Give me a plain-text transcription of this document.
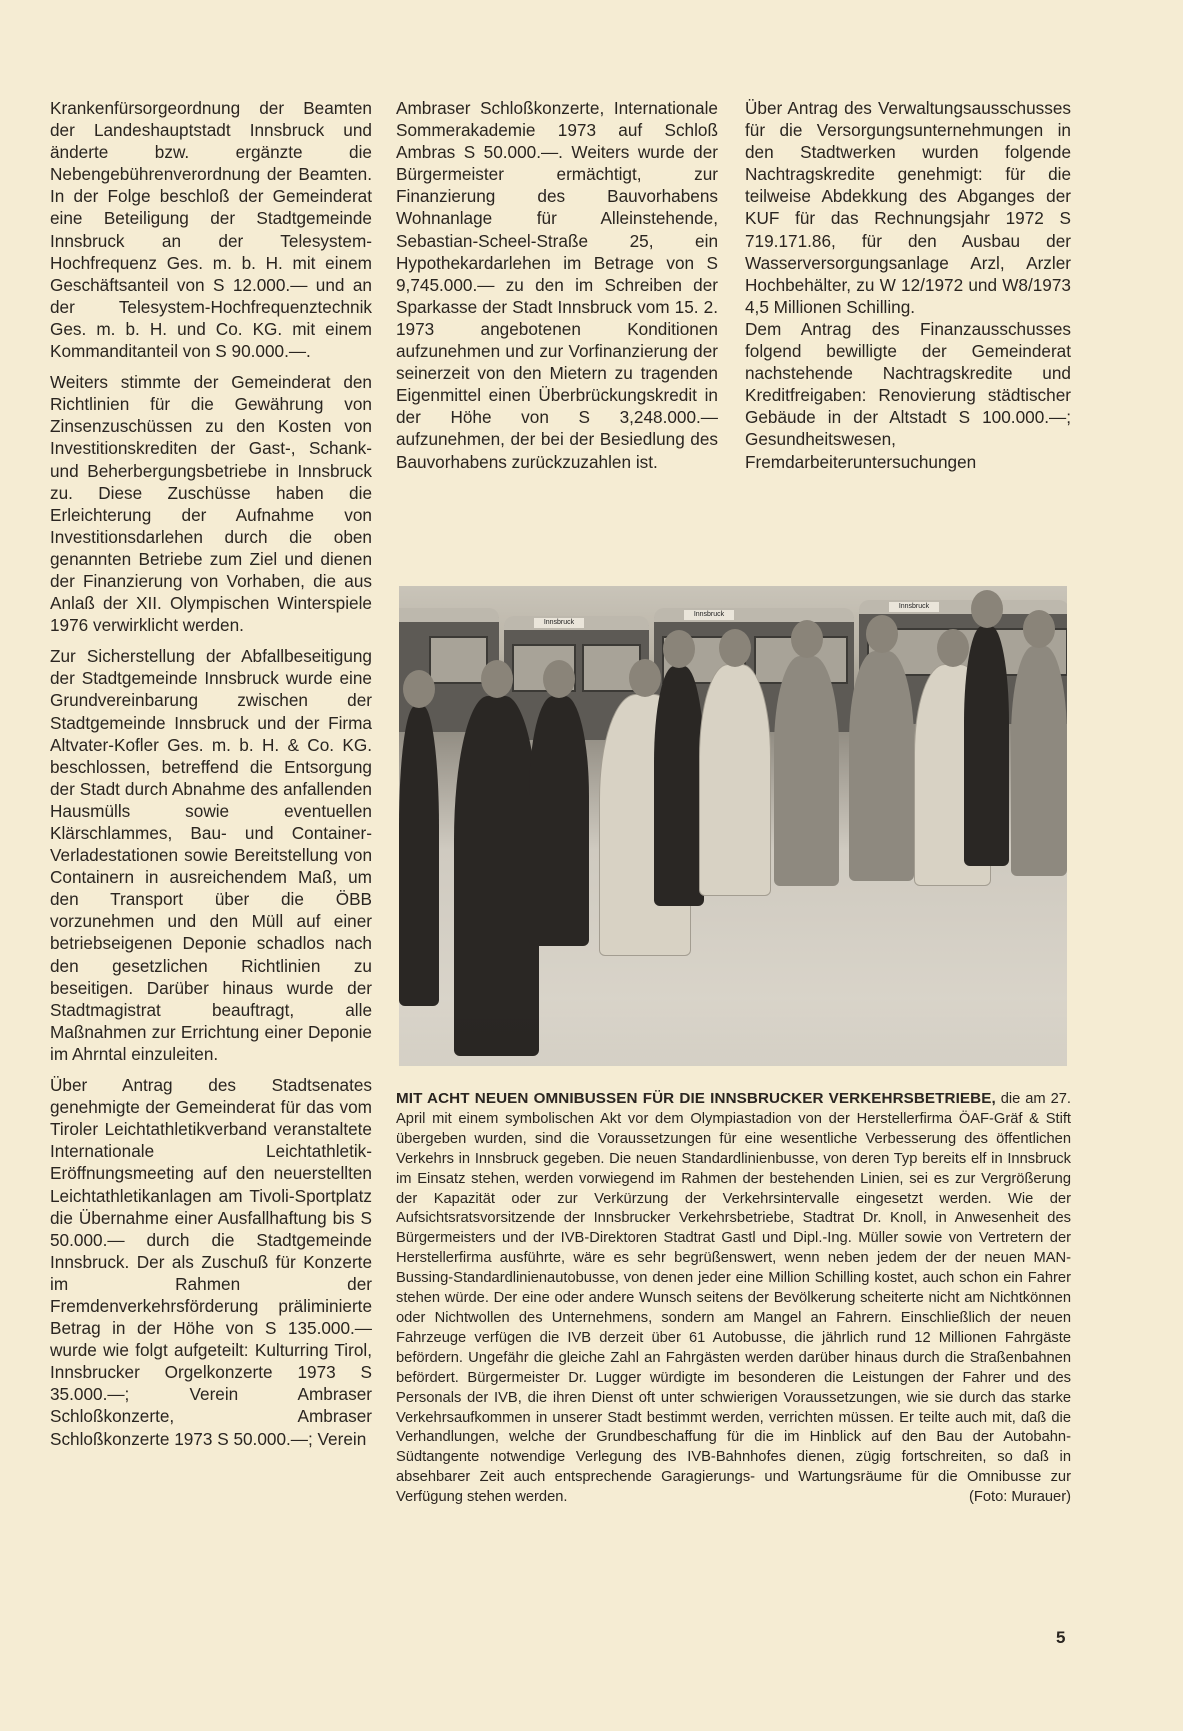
Krankenfürsorgeordnung der Beamten der Landeshauptstadt Innsbruck und änderte bzw. ergänzte die Nebengebührenverordnung der Beamten. In der Folge beschloß der Gemeinderat eine Beteiligung der Stadtgemeinde Innsbruck an der Telesystem-Hochfrequenz Ges. m. b. H. mit einem Geschäftsanteil von S 12.000.— und an der Telesystem-Hochfrequenztechnik Ges. m. b. H. und Co. KG. mit einem Kommanditanteil von S 90.000.—.

Weiters stimmte der Gemeinderat den Richtlinien für die Gewährung von Zinsenzuschüssen zu den Kosten von Investitionskrediten der Gast-, Schank- und Beherbergungsbetriebe in Innsbruck zu. Diese Zuschüsse haben die Erleichterung der Aufnahme von Investitionsdarlehen durch die oben genannten Betriebe zum Ziel und dienen der Finanzierung von Vorhaben, die aus Anlaß der XII. Olympischen Winterspiele 1976 verwirklicht werden.

Zur Sicherstellung der Abfallbeseitigung der Stadtgemeinde Innsbruck wurde eine Grundvereinbarung zwischen der Stadtgemeinde Innsbruck und der Firma Altvater-Kofler Ges. m. b. H. & Co. KG. beschlossen, betreffend die Entsorgung der Stadt durch Abnahme des anfallenden Hausmülls sowie eventuellen Klärschlammes, Bau- und Container-Verladestationen sowie Bereitstellung von Containern in ausreichendem Maß, um den Transport über die ÖBB vorzunehmen und den Müll auf einer betriebseigenen Deponie schadlos nach den gesetzlichen Richtlinien zu beseitigen. Darüber hinaus wurde der Stadtmagistrat beauftragt, alle Maßnahmen zur Errichtung einer Deponie im Ahrntal einzuleiten.

Über Antrag des Stadtsenates genehmigte der Gemeinderat für das vom Tiroler Leichtathletikverband veranstaltete Internationale Leichtathletik-Eröffnungsmeeting auf den neuerstellten Leichtathletikanlagen am Tivoli-Sportplatz die Übernahme einer Ausfallhaftung bis S 50.000.— durch die Stadtgemeinde Innsbruck. Der als Zuschuß für Konzerte im Rahmen der Fremdenverkehrsförderung präliminierte Betrag in der Höhe von S 135.000.— wurde wie folgt aufgeteilt: Kulturring Tirol, Innsbrucker Orgelkonzerte 1973 S 35.000.—; Verein Ambraser Schloßkonzerte, Ambraser Schloßkonzerte 1973 S 50.000.—; Verein

Ambraser Schloßkonzerte, Internationale Sommerakademie 1973 auf Schloß Ambras S 50.000.—. Weiters wurde der Bürgermeister ermächtigt, zur Finanzierung des Bauvorhabens Wohnanlage für Alleinstehende, Sebastian-Scheel-Straße 25, ein Hypothekardarlehen im Betrage von S 9,745.000.— zu den im Schreiben der Sparkasse der Stadt Innsbruck vom 15. 2. 1973 angebotenen Konditionen aufzunehmen und zur Vorfinanzierung der seinerzeit von den Mietern zu tragenden Eigenmittel einen Überbrückungskredit in der Höhe von S 3,248.000.— aufzunehmen, der bei der Besiedlung des Bauvorhabens zurückzuzahlen ist.

Über Antrag des Verwaltungsausschusses für die Versorgungsunternehmungen in den Stadtwerken wurden folgende Nachtragskredite genehmigt: für die teilweise Abdekkung des Abganges der KUF für das Rechnungsjahr 1972 S 719.171.86, für den Ausbau der Wasserversorgungsanlage Arzl, Arzler Hochbehälter, zu W 12/1972 und W8/1973 4,5 Millionen Schilling.

Dem Antrag des Finanzausschusses folgend bewilligte der Gemeinderat nachstehende Nachtragskredite und Kreditfreigaben: Renovierung städtischer Gebäude in der Altstadt S 100.000.—; Gesundheitswesen, Fremdarbeiteruntersuchungen

Innsbruck
Innsbruck
Innsbruck
MIT ACHT NEUEN OMNIBUSSEN FÜR DIE INNSBRUCKER VERKEHRSBETRIEBE, die am 27. April mit einem symbolischen Akt vor dem Olympiastadion von der Herstellerfirma ÖAF-Gräf & Stift übergeben wurden, sind die Voraussetzungen für eine wesentliche Verbesserung des öffentlichen Verkehrs in Innsbruck gegeben. Die neuen Standardlinienbusse, von deren Typ bereits elf in Innsbruck im Einsatz stehen, werden vorwiegend im Rahmen der bestehenden Linien, sei es zur Vergrößerung der Kapazität oder zur Verkürzung der Verkehrsintervalle eingesetzt werden. Wie der Aufsichtsratsvorsitzende der Innsbrucker Verkehrsbetriebe, Stadtrat Dr. Knoll, in Anwesenheit des Bürgermeisters und der IVB-Direktoren Stadtrat Gastl und Dipl.-Ing. Müller sowie von Vertretern der Herstellerfirma ausführte, wäre es sehr begrüßenswert, wenn neben jedem der der neuen MAN-Bussing-Standardlinienautobusse, von denen jeder eine Million Schilling kostet, auch schon ein Fahrer stehen würde. Der eine oder andere Wunsch seitens der Bevölkerung scheiterte nicht am Nichtkönnen oder Nichtwollen des Unternehmens, sondern am Mangel an Fahrern. Einschließlich der neuen Fahrzeuge verfügen die IVB derzeit über 61 Autobusse, die jährlich rund 12 Millionen Fahrgäste befördern. Ungefähr die gleiche Zahl an Fahrgästen werden darüber hinaus durch die Straßenbahnen befördert. Bürgermeister Dr. Lugger würdigte im besonderen die Leistungen der Fahrer und des Personals der IVB, die ihren Dienst oft unter schwierigen Voraussetzungen, wie sie durch das starke Verkehrsaufkommen in unserer Stadt bestimmt werden, verrichten müssen. Er teilte auch mit, daß die Verhandlungen, welche der Grundbeschaffung für die im Hinblick auf den Bau der Autobahn-Südtangente notwendige Verlegung des IVB-Bahnhofes dienen, zügig fortschreiten, so daß in absehbarer Zeit auch entsprechende Garagierungs- und Wartungsräume für die Omnibusse zur Verfügung stehen werden.	(Foto: Murauer)
5
